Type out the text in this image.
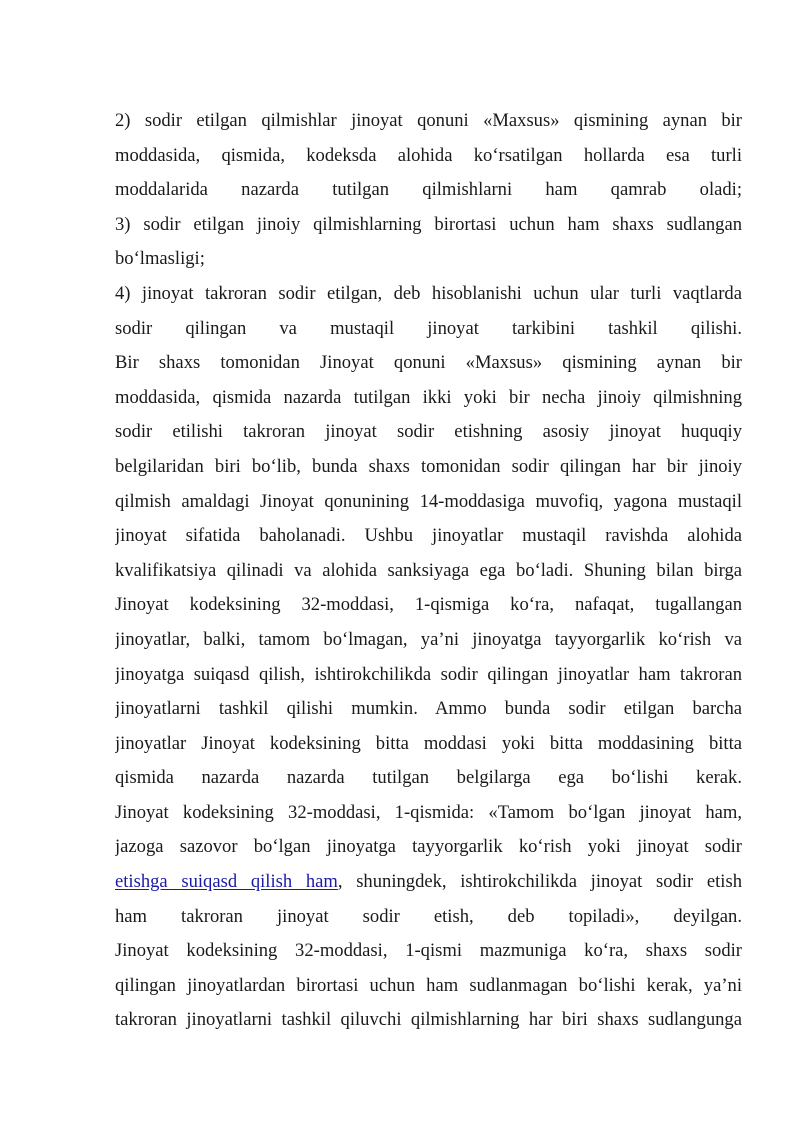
2) sodir etilgan qilmishlar jinoyat qonuni «Maxsus» qismining aynan bir
moddasida, qismida, kodeksda alohida ko‘rsatilgan hollarda esa turli
moddalarida nazarda tutilgan qilmishlarni ham qamrab oladi;
3) sodir etilgan jinoiy qilmishlarning birortasi uchun ham shaxs sudlangan
bo‘lmasligi;
4) jinoyat takroran sodir etilgan, deb hisoblanishi uchun ular turli vaqtlarda
sodir qilingan va mustaqil jinoyat tarkibini tashkil qilishi.
Bir shaxs tomonidan Jinoyat qonuni «Maxsus» qismining aynan bir
moddasida, qismida nazarda tutilgan ikki yoki bir necha jinoiy qilmishning
sodir etilishi takroran jinoyat sodir etishning asosiy jinoyat huquqiy
belgilaridan biri bo‘lib, bunda shaxs tomonidan sodir qilingan har bir jinoiy
qilmish amaldagi Jinoyat qonunining 14-moddasiga muvofiq, yagona mustaqil
jinoyat sifatida baholanadi. Ushbu jinoyatlar mustaqil ravishda alohida
kvalifikatsiya qilinadi va alohida sanksiyaga ega bo‘ladi. Shuning bilan birga
Jinoyat kodeksining 32-moddasi, 1-qismiga ko‘ra, nafaqat, tugallangan
jinoyatlar, balki, tamom bo‘lmagan, ya’ni jinoyatga tayyorgarlik ko‘rish va
jinoyatga suiqasd qilish, ishtirokchilikda sodir qilingan jinoyatlar ham takroran
jinoyatlarni tashkil qilishi mumkin. Ammo bunda sodir etilgan barcha
jinoyatlar Jinoyat kodeksining bitta moddasi yoki bitta moddasining bitta
qismida nazarda nazarda tutilgan belgilarga ega bo‘lishi kerak.
Jinoyat kodeksining 32-moddasi, 1-qismida: «Tamom bo‘lgan jinoyat ham,
jazoga sazovor bo‘lgan jinoyatga tayyorgarlik ko‘rish yoki jinoyat sodir
etishga suiqasd qilish ham, shuningdek, ishtirokchilikda jinoyat sodir etish
ham takroran jinoyat sodir etish, deb topiladi», deyilgan.
Jinoyat kodeksining 32-moddasi, 1-qismi mazmuniga ko‘ra, shaxs sodir
qilingan jinoyatlardan birortasi uchun ham sudlanmagan bo‘lishi kerak, ya’ni
takroran jinoyatlarni tashkil qiluvchi qilmishlarning har biri shaxs sudlangunga
